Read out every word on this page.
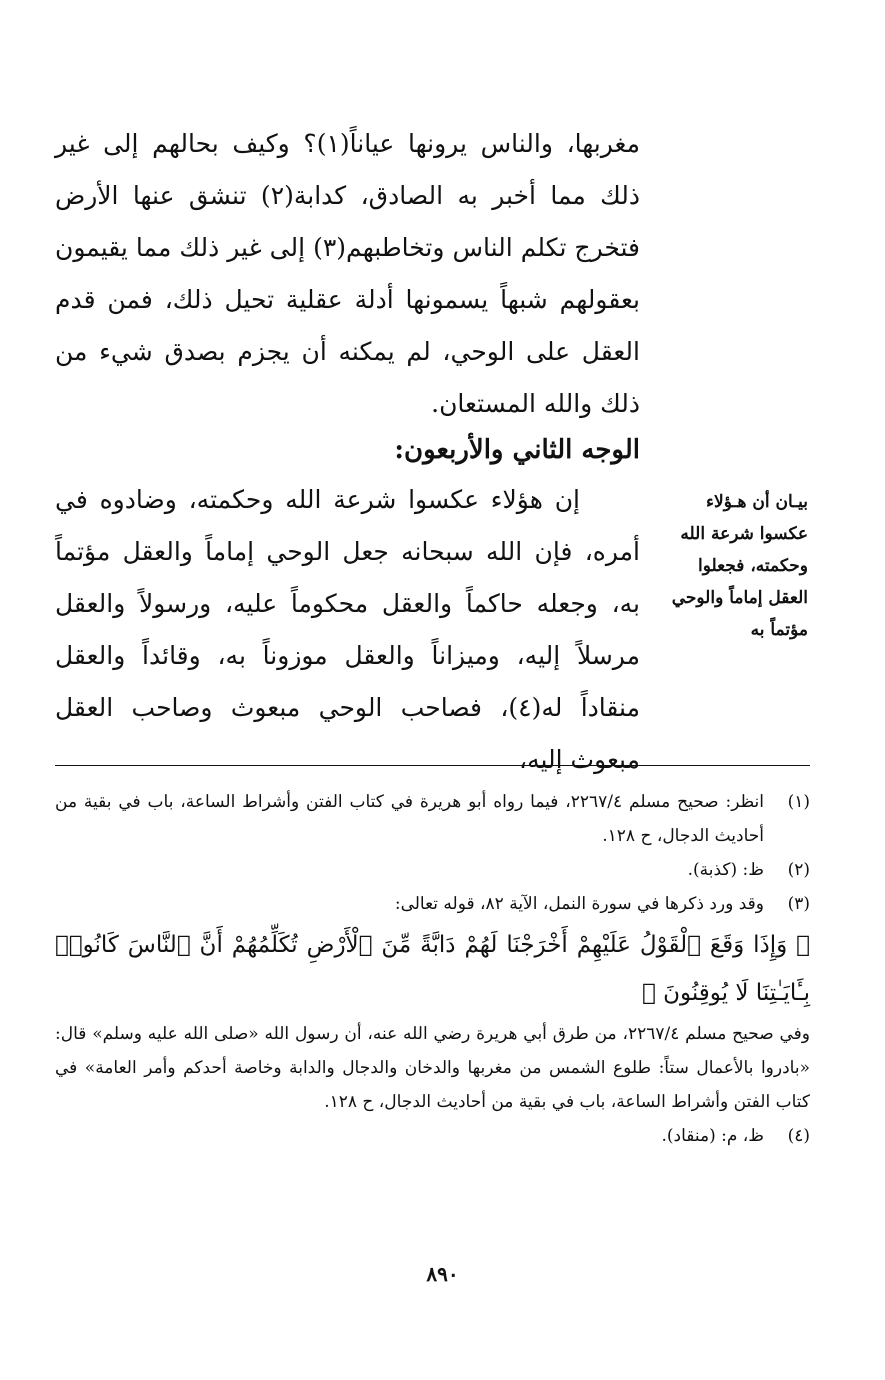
مغربها، والناس يرونها عياناً(١)؟ وكيف بحالهم إلى غير ذلك مما أخبر به الصادق، كدابة(٢) تنشق عنها الأرض فتخرج تكلم الناس وتخاطبهم(٣) إلى غير ذلك مما يقيمون بعقولهم شبهاً يسمونها أدلة عقلية تحيل ذلك، فمن قدم العقل على الوحي، لم يمكنه أن يجزم بصدق شيء من ذلك والله المستعان.

الوجه الثاني والأربعون:

إن هؤلاء عكسوا شرعة الله وحكمته، وضادوه في أمره، فإن الله سبحانه جعل الوحي إماماً والعقل مؤتماً به، وجعله حاكماً والعقل محكوماً عليه، ورسولاً والعقل مرسلاً إليه، وميزاناً والعقل موزوناً به، وقائداً والعقل منقاداً له(٤)، فصاحب الوحي مبعوث وصاحب العقل مبعوث إليه،

بيـان أن هـؤلاء عكسوا شرعة الله وحكمته، فجعلوا العقل إماماً والوحي مؤتماً به
(١)
انظر: صحيح مسلم ٢٢٦٧/٤، فيما رواه أبو هريرة في كتاب الفتن وأشراط الساعة، باب في بقية من أحاديث الدجال، ح ١٢٨.
(٢)
ظ: (كذبة).
(٣)
وقد ورد ذكرها في سورة النمل، الآية ٨٢، قوله تعالى:
﴿ وَإِذَا وَقَعَ ٱلْقَوْلُ عَلَيْهِمْ أَخْرَجْنَا لَهُمْ دَابَّةً مِّنَ ٱلْأَرْضِ تُكَلِّمُهُمْ أَنَّ ٱلنَّاسَ كَانُوا۟ بِـَٔايَـٰتِنَا لَا يُوقِنُونَ ﴾
وفي صحيح مسلم ٢٢٦٧/٤، من طرق أبي هريرة رضي الله عنه، أن رسول الله «صلى الله عليه وسلم» قال: «بادروا بالأعمال ستاً: طلوع الشمس من مغربها والدخان والدجال والدابة وخاصة أحدكم وأمر العامة» في كتاب الفتن وأشراط الساعة، باب في بقية من أحاديث الدجال، ح ١٢٨.
(٤)
ظ، م: (منقاد).
٨٩٠
